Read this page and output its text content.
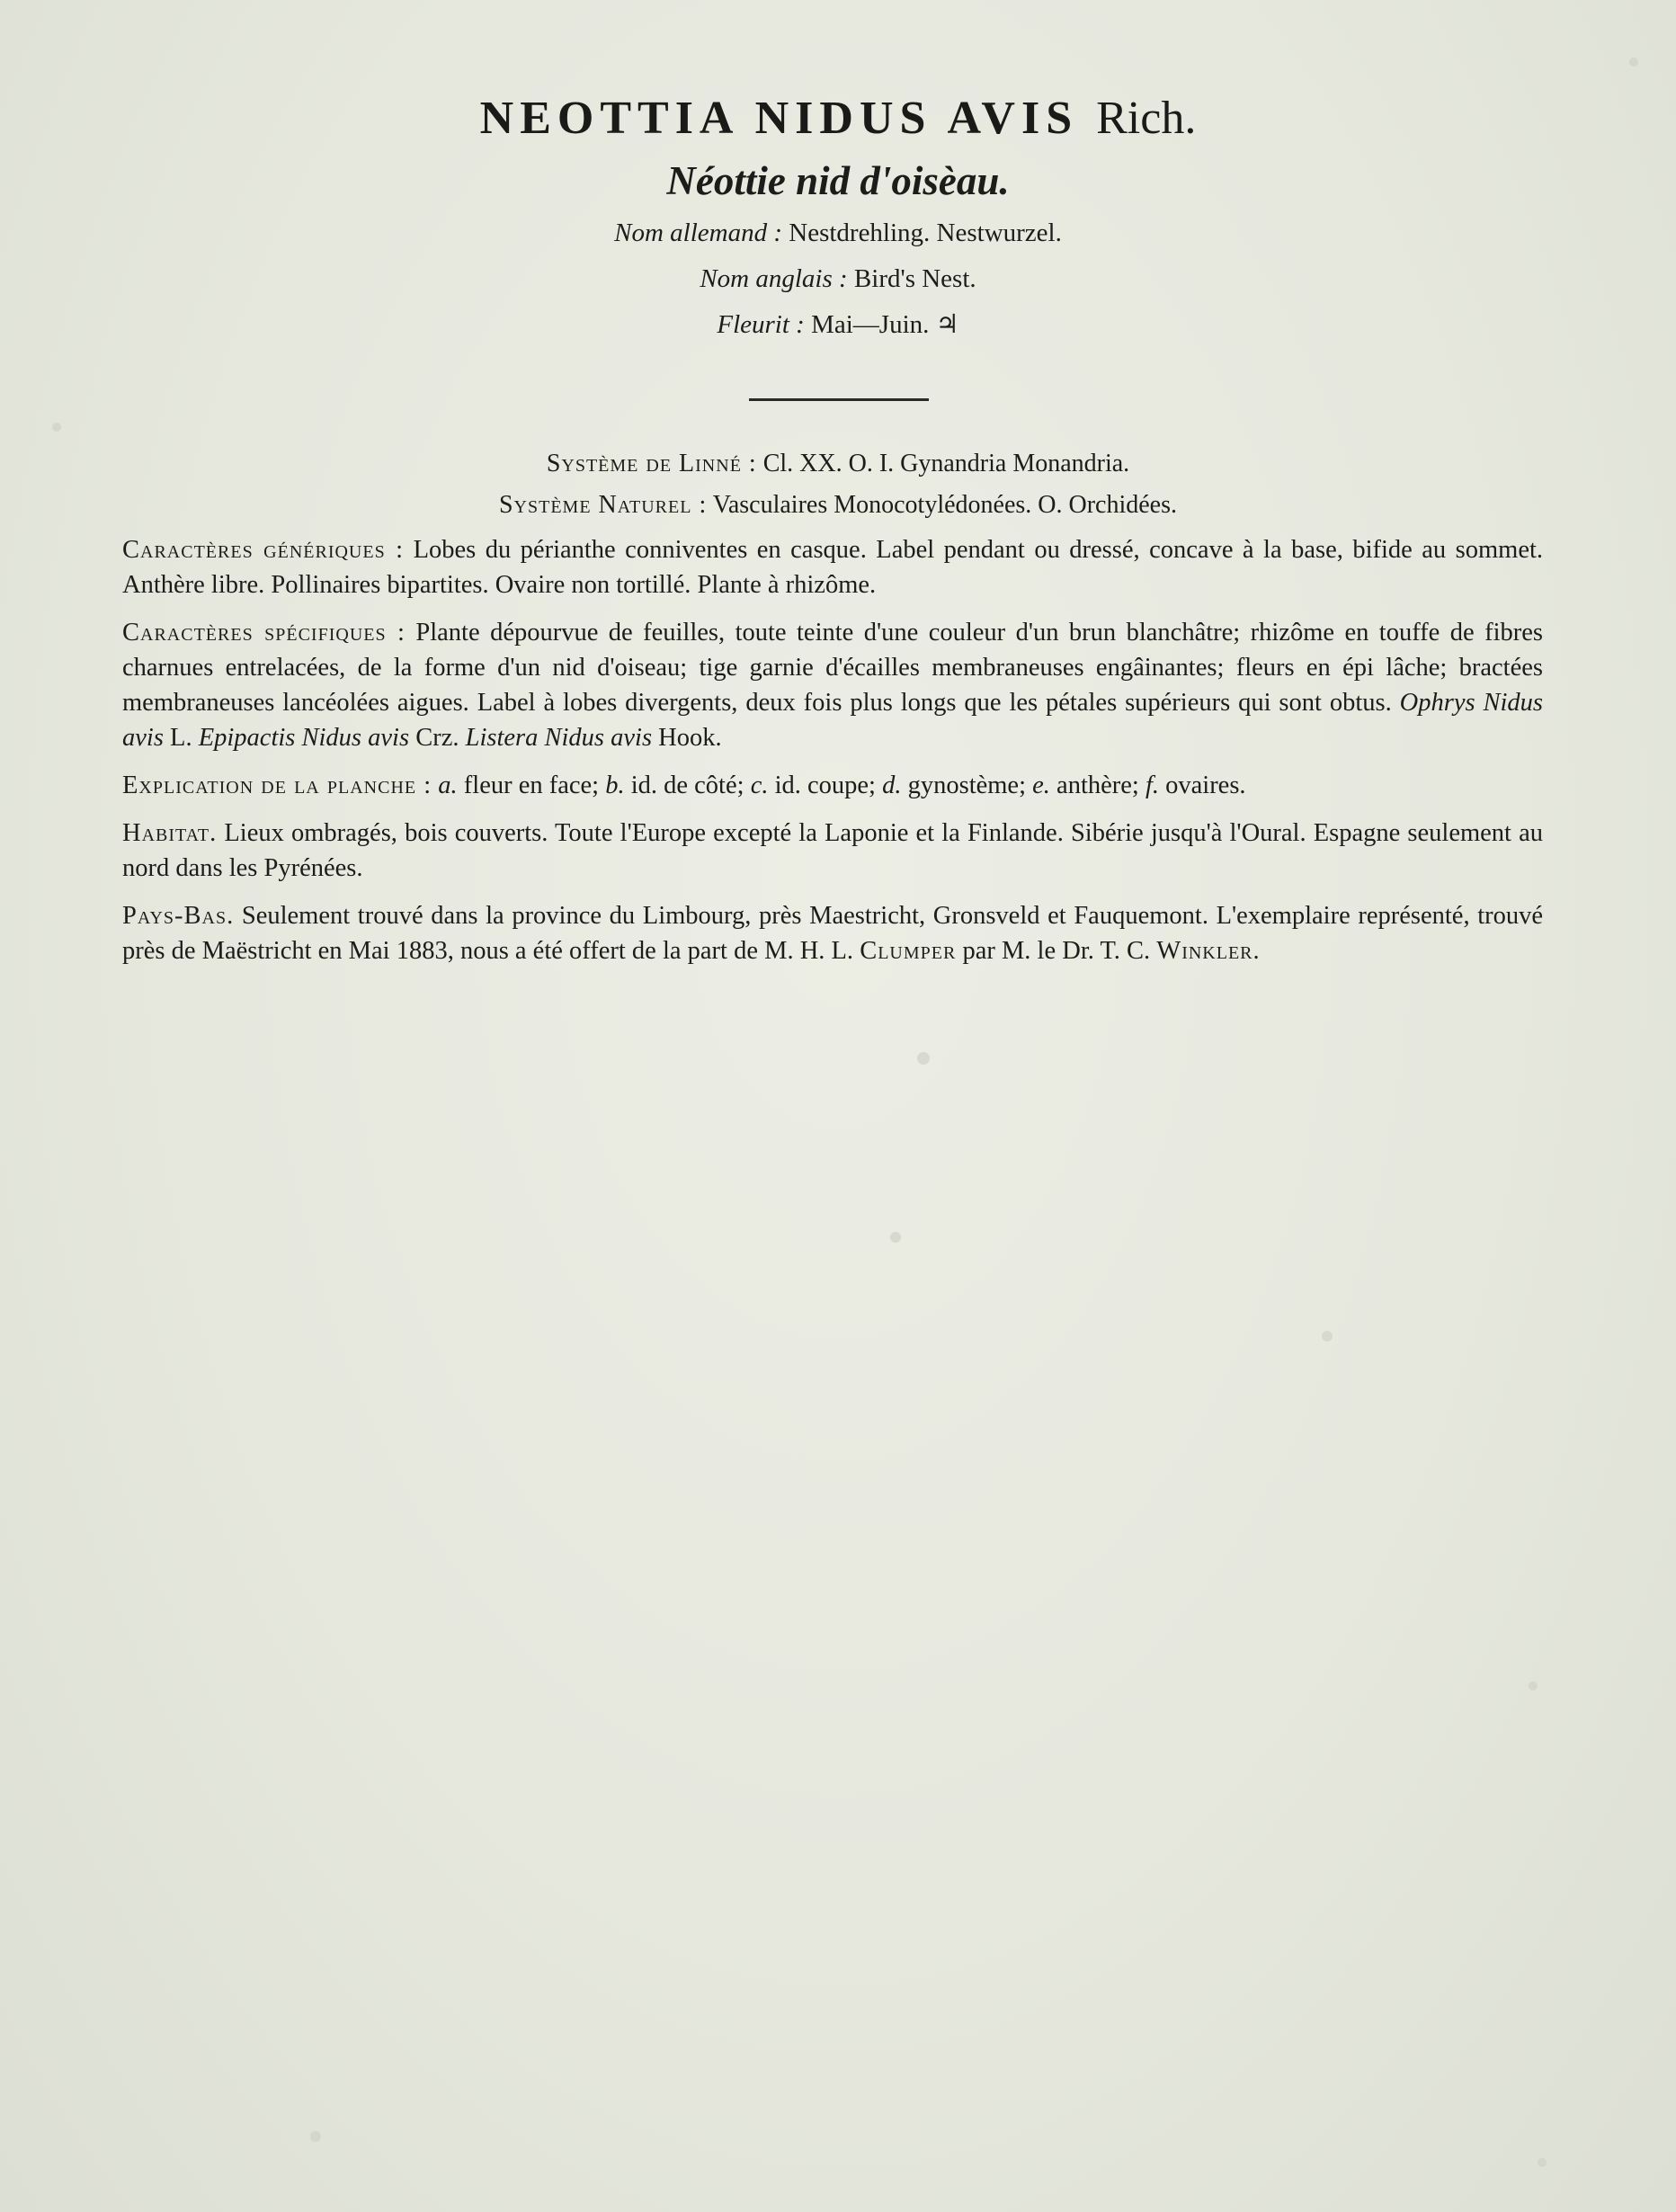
NEOTTIA NIDUS AVIS Rich.
Néottie nid d'oisèau.
Nom allemand : Nestdrehling. Nestwurzel.
Nom anglais : Bird's Nest.
Fleurit : Mai—Juin. ♃
Système de Linné : Cl. XX. O. I. Gynandria Monandria.
Système Naturel : Vasculaires Monocotylédonées. O. Orchidées.

Caractères génériques : Lobes du périanthe conniventes en casque. Label pendant ou dressé, concave à la base, bifide au sommet. Anthère libre. Pollinaires bipartites. Ovaire non tortillé. Plante à rhizôme.

Caractères spécifiques : Plante dépourvue de feuilles, toute teinte d'une couleur d'un brun blanchâtre; rhizôme en touffe de fibres charnues entrelacées, de la forme d'un nid d'oiseau; tige garnie d'écailles membraneuses engâinantes; fleurs en épi lâche; bractées membraneuses lancéolées aigues. Label à lobes divergents, deux fois plus longs que les pétales supérieurs qui sont obtus. Ophrys Nidus avis L. Epipactis Nidus avis Crz. Listera Nidus avis Hook.

Explication de la planche : a. fleur en face; b. id. de côté; c. id. coupe; d. gynostème; e. anthère; f. ovaires.

Habitat. Lieux ombragés, bois couverts. Toute l'Europe excepté la Laponie et la Finlande. Sibérie jusqu'à l'Oural. Espagne seulement au nord dans les Pyrénées.

Pays-Bas. Seulement trouvé dans la province du Limbourg, près Maestricht, Gronsveld et Fauquemont. L'exemplaire représenté, trouvé près de Maëstricht en Mai 1883, nous a été offert de la part de M. H. L. Clumper par M. le Dr. T. C. Winkler.
